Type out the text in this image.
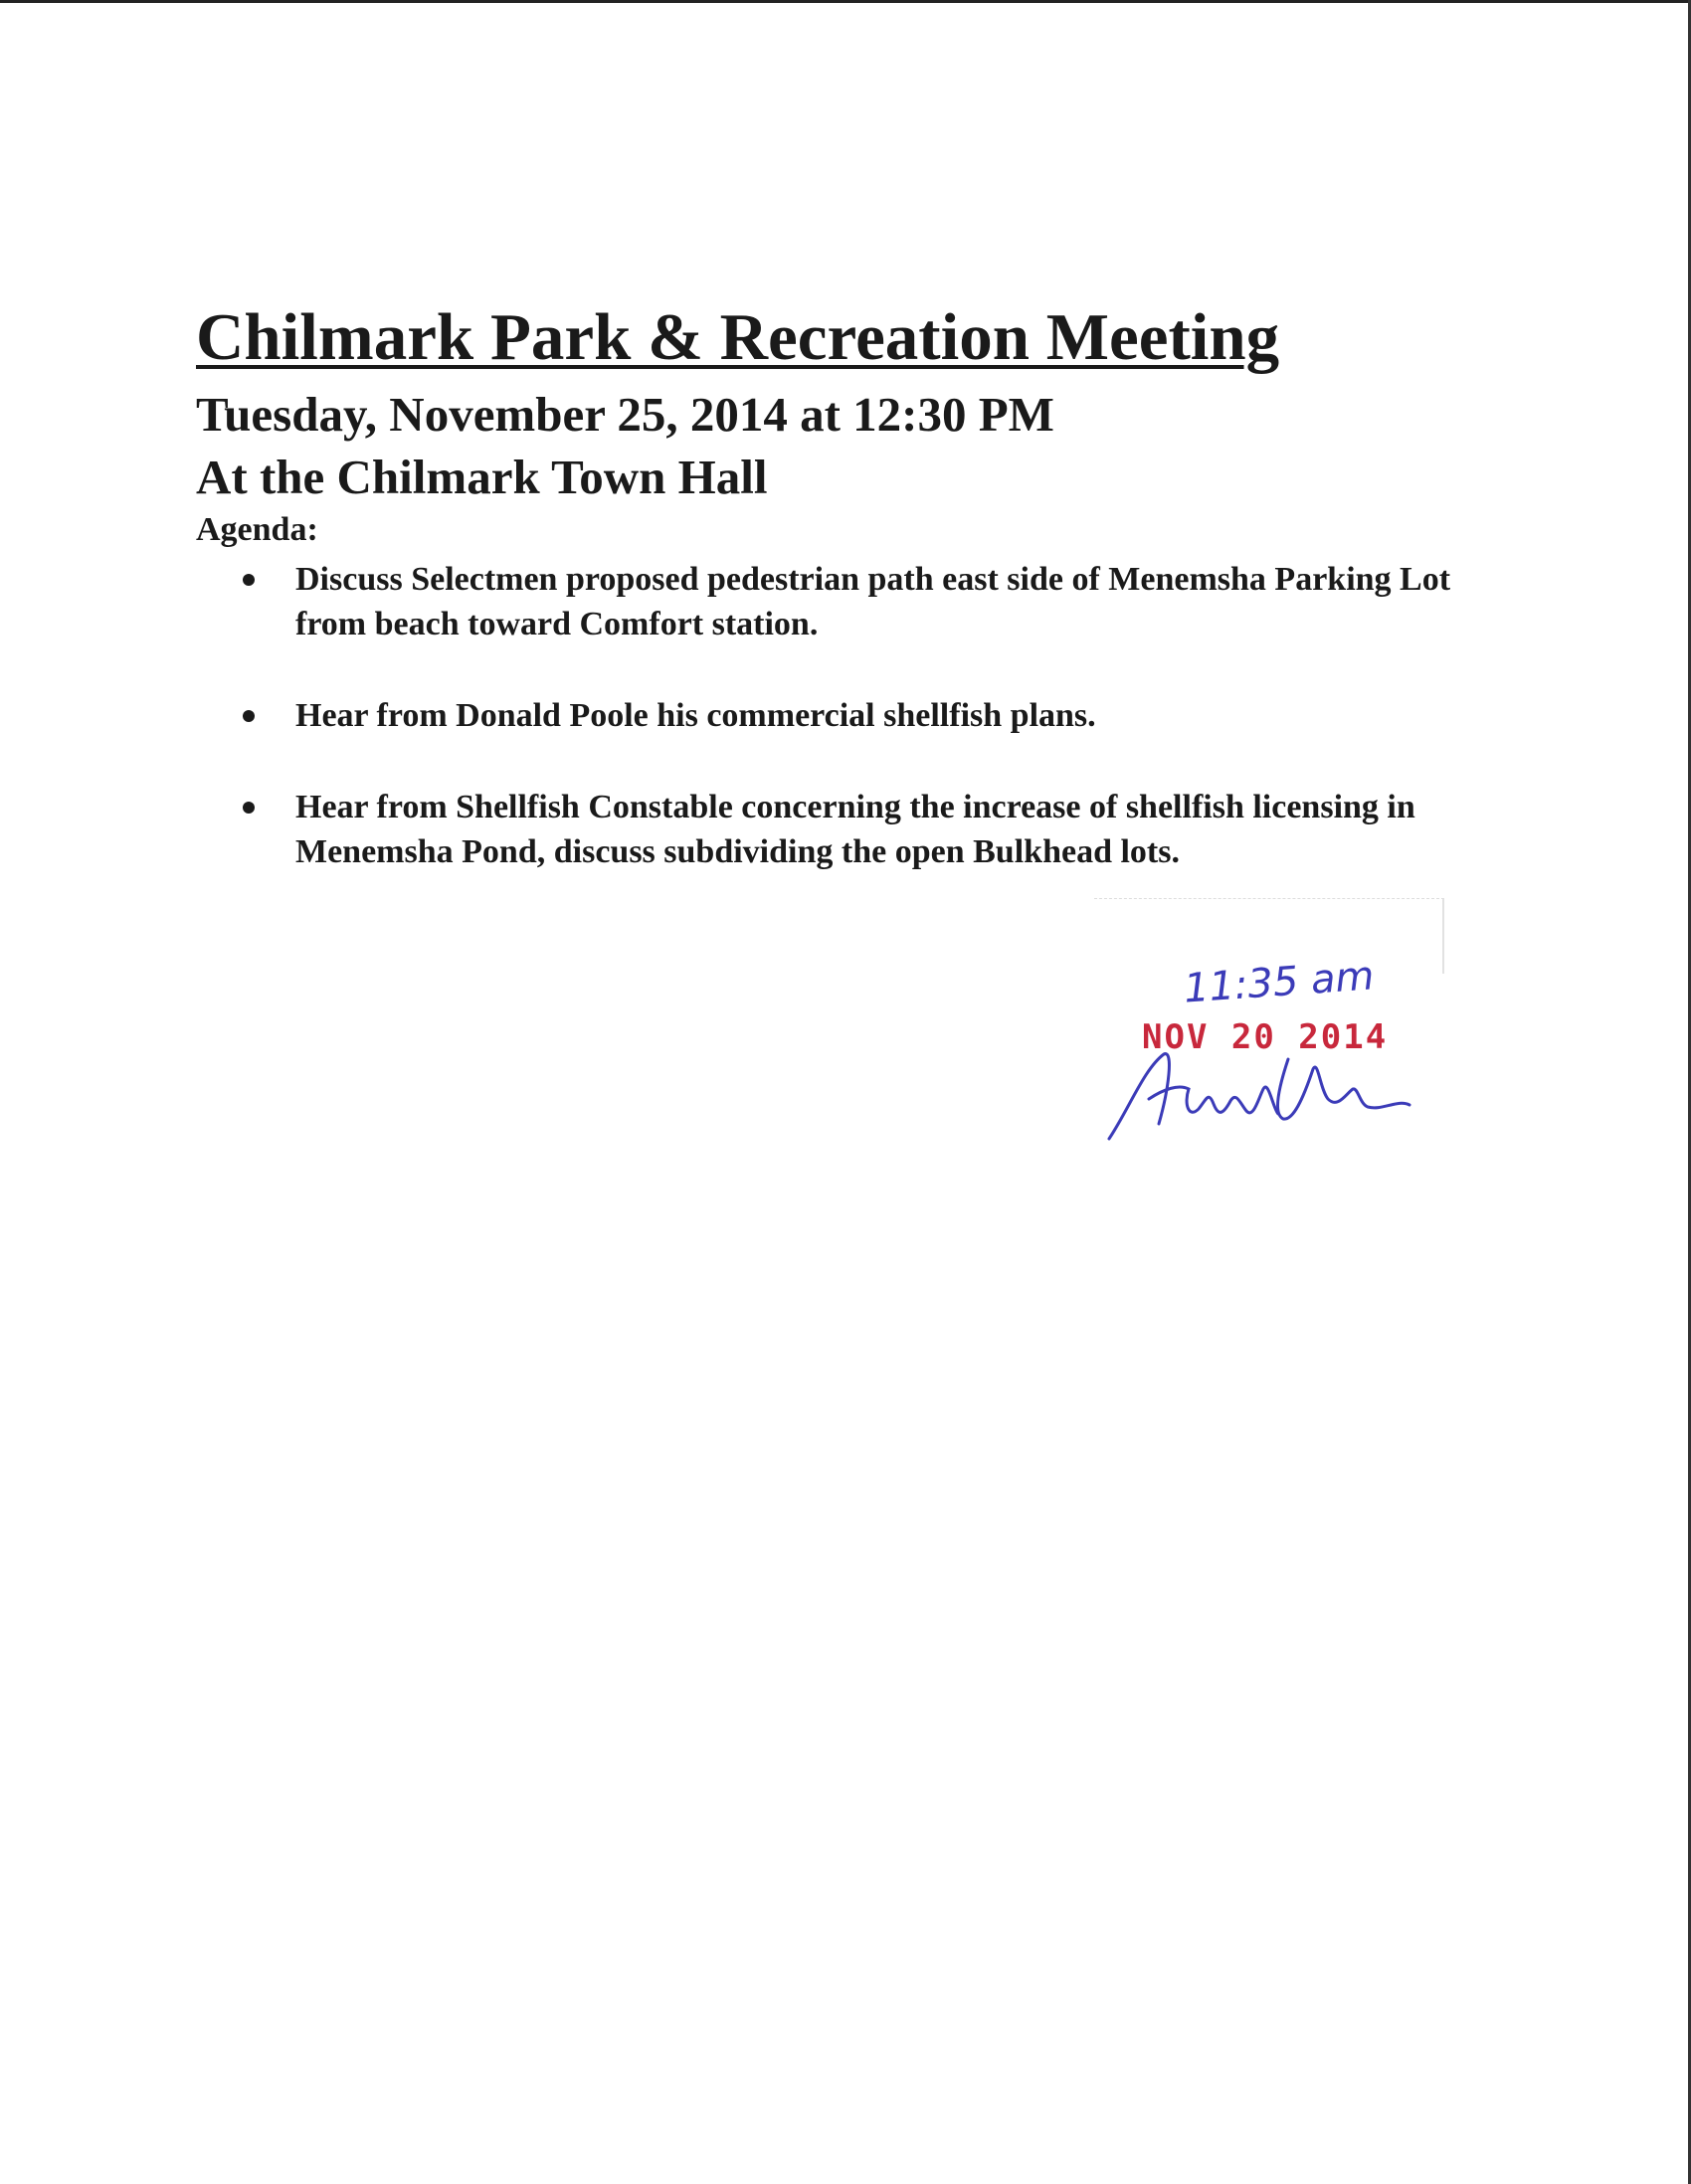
Chilmark Park & Recreation Meeting
Tuesday, November 25, 2014 at 12:30 PM
At the Chilmark Town Hall
Agenda:
Discuss Selectmen proposed pedestrian path east side of Menemsha Parking Lot from beach toward Comfort station.
Hear from Donald Poole his commercial shellfish plans.
Hear from Shellfish Constable concerning the increase of shellfish licensing in Menemsha Pond, discuss subdividing the open Bulkhead lots.
11:35 am
NOV 20 2014
